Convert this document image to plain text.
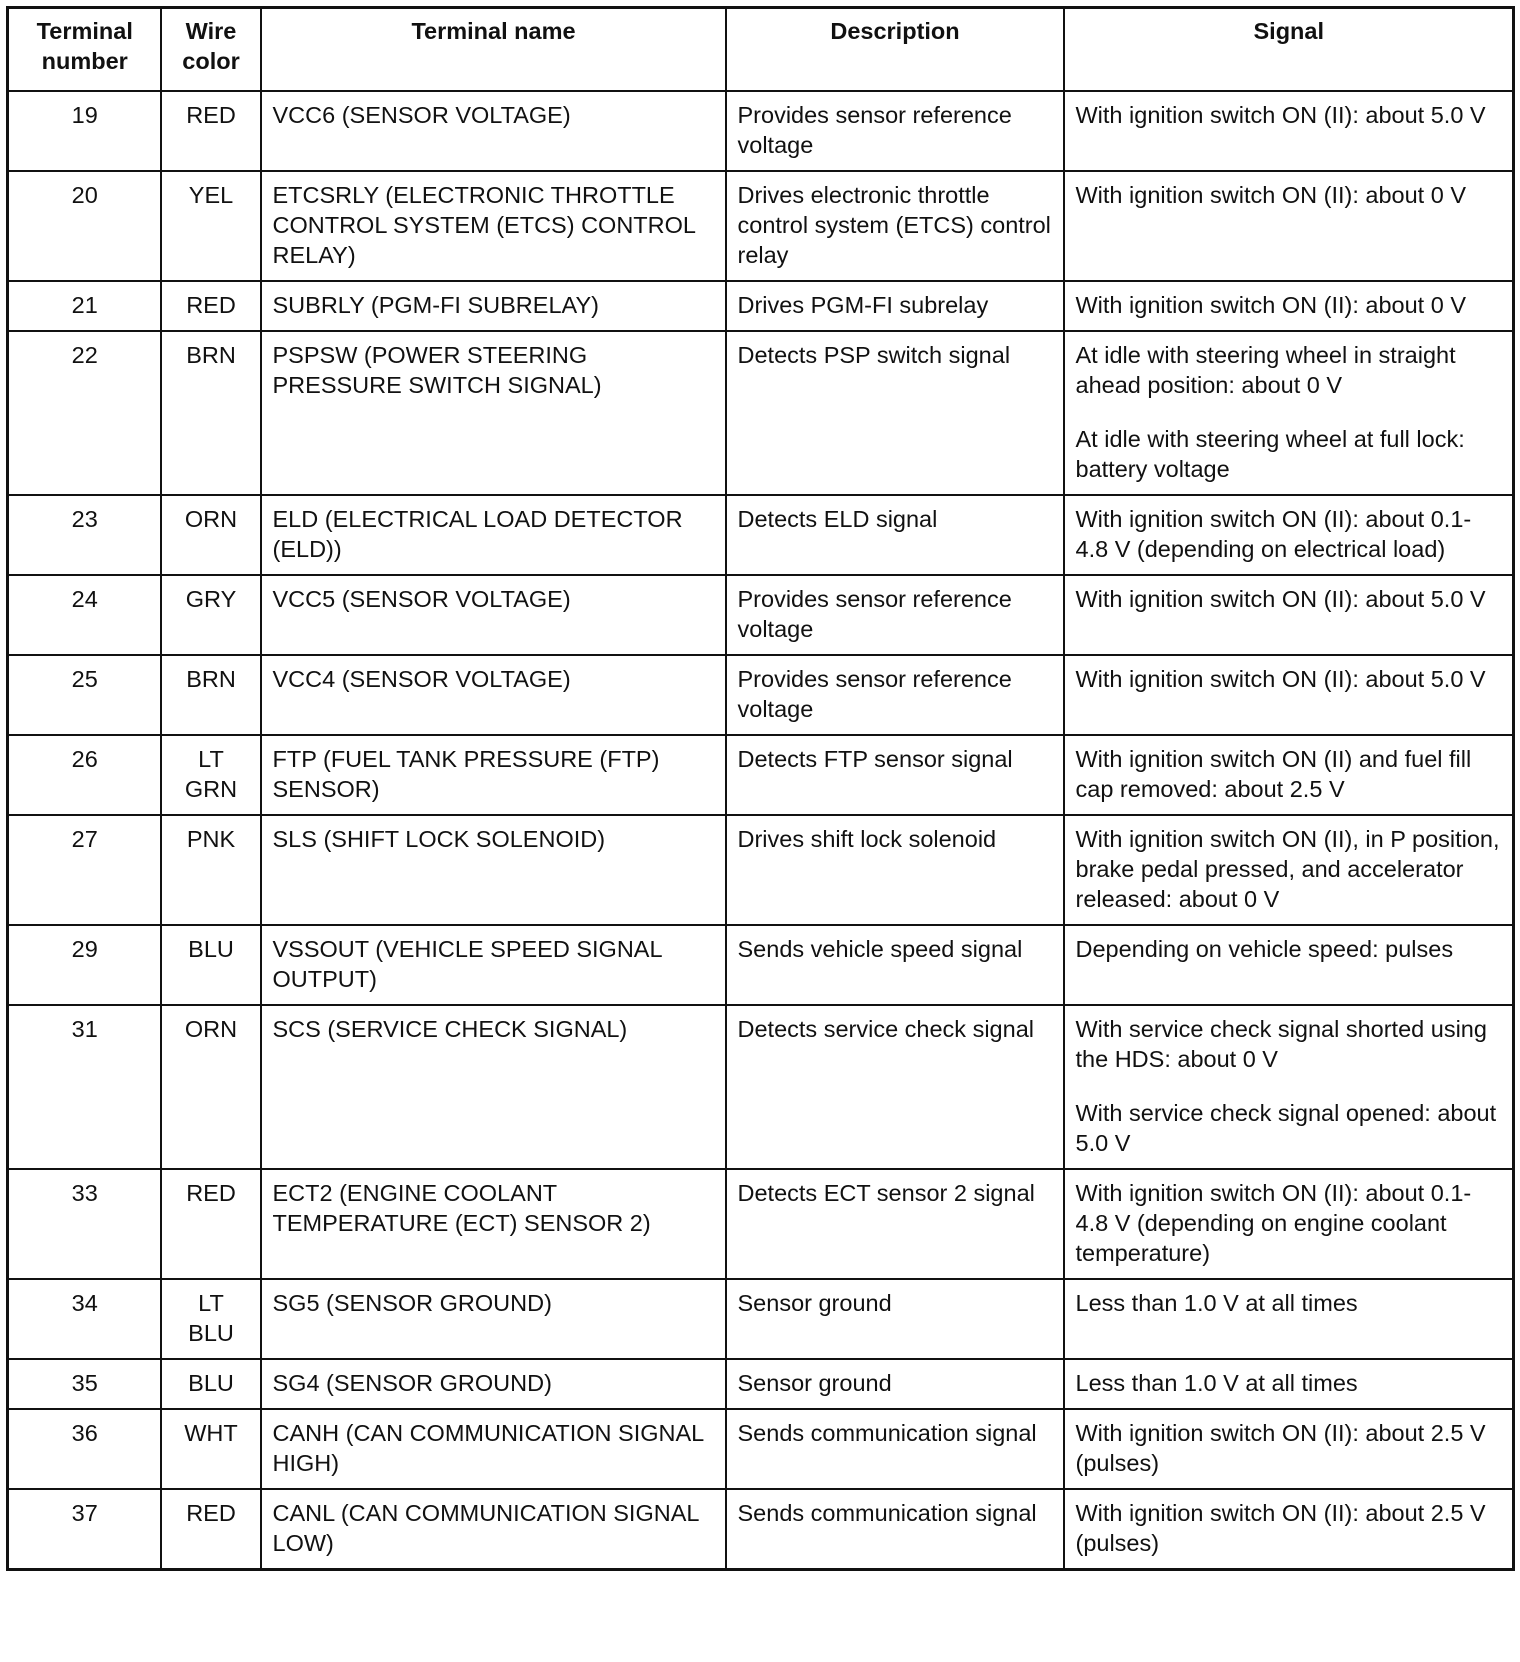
Terminal number	Wire color	Terminal name	Description	Signal
19	RED	VCC6 (SENSOR VOLTAGE)	Provides sensor reference voltage	With ignition switch ON (II): about 5.0 V

20	YEL	ETCSRLY (ELECTRONIC THROTTLE CONTROL SYSTEM (ETCS) CONTROL RELAY)	Drives electronic throttle control system (ETCS) control relay	With ignition switch ON (II): about 0 V

21	RED	SUBRLY (PGM-FI SUBRELAY)	Drives PGM-FI subrelay	With ignition switch ON (II): about 0 V

22	BRN	PSPSW (POWER STEERING PRESSURE SWITCH SIGNAL)	Detects PSP switch signal	At idle with steering wheel in straight ahead position: about 0 V

At idle with steering wheel at full lock: battery voltage

23	ORN	ELD (ELECTRICAL LOAD DETECTOR (ELD))	Detects ELD signal	With ignition switch ON (II): about 0.1-4.8 V (depending on electrical load)

24	GRY	VCC5 (SENSOR VOLTAGE)	Provides sensor reference voltage	With ignition switch ON (II): about 5.0 V

25	BRN	VCC4 (SENSOR VOLTAGE)	Provides sensor reference voltage	With ignition switch ON (II): about 5.0 V

26	LT GRN	FTP (FUEL TANK PRESSURE (FTP) SENSOR)	Detects FTP sensor signal	With ignition switch ON (II) and fuel fill cap removed: about 2.5 V

27	PNK	SLS (SHIFT LOCK SOLENOID)	Drives shift lock solenoid	With ignition switch ON (II), in P position, brake pedal pressed, and accelerator released: about 0 V

29	BLU	VSSOUT (VEHICLE SPEED SIGNAL OUTPUT)	Sends vehicle speed signal	Depending on vehicle speed: pulses

31	ORN	SCS (SERVICE CHECK SIGNAL)	Detects service check signal	With service check signal shorted using the HDS: about 0 V

With service check signal opened: about 5.0 V

33	RED	ECT2 (ENGINE COOLANT TEMPERATURE (ECT) SENSOR 2)	Detects ECT sensor 2 signal	With ignition switch ON (II): about 0.1-4.8 V (depending on engine coolant temperature)

34	LT BLU	SG5 (SENSOR GROUND)	Sensor ground	Less than 1.0 V at all times

35	BLU	SG4 (SENSOR GROUND)	Sensor ground	Less than 1.0 V at all times

36	WHT	CANH (CAN COMMUNICATION SIGNAL HIGH)	Sends communication signal	With ignition switch ON (II): about 2.5 V (pulses)

37	RED	CANL (CAN COMMUNICATION SIGNAL LOW)	Sends communication signal	With ignition switch ON (II): about 2.5 V (pulses)
